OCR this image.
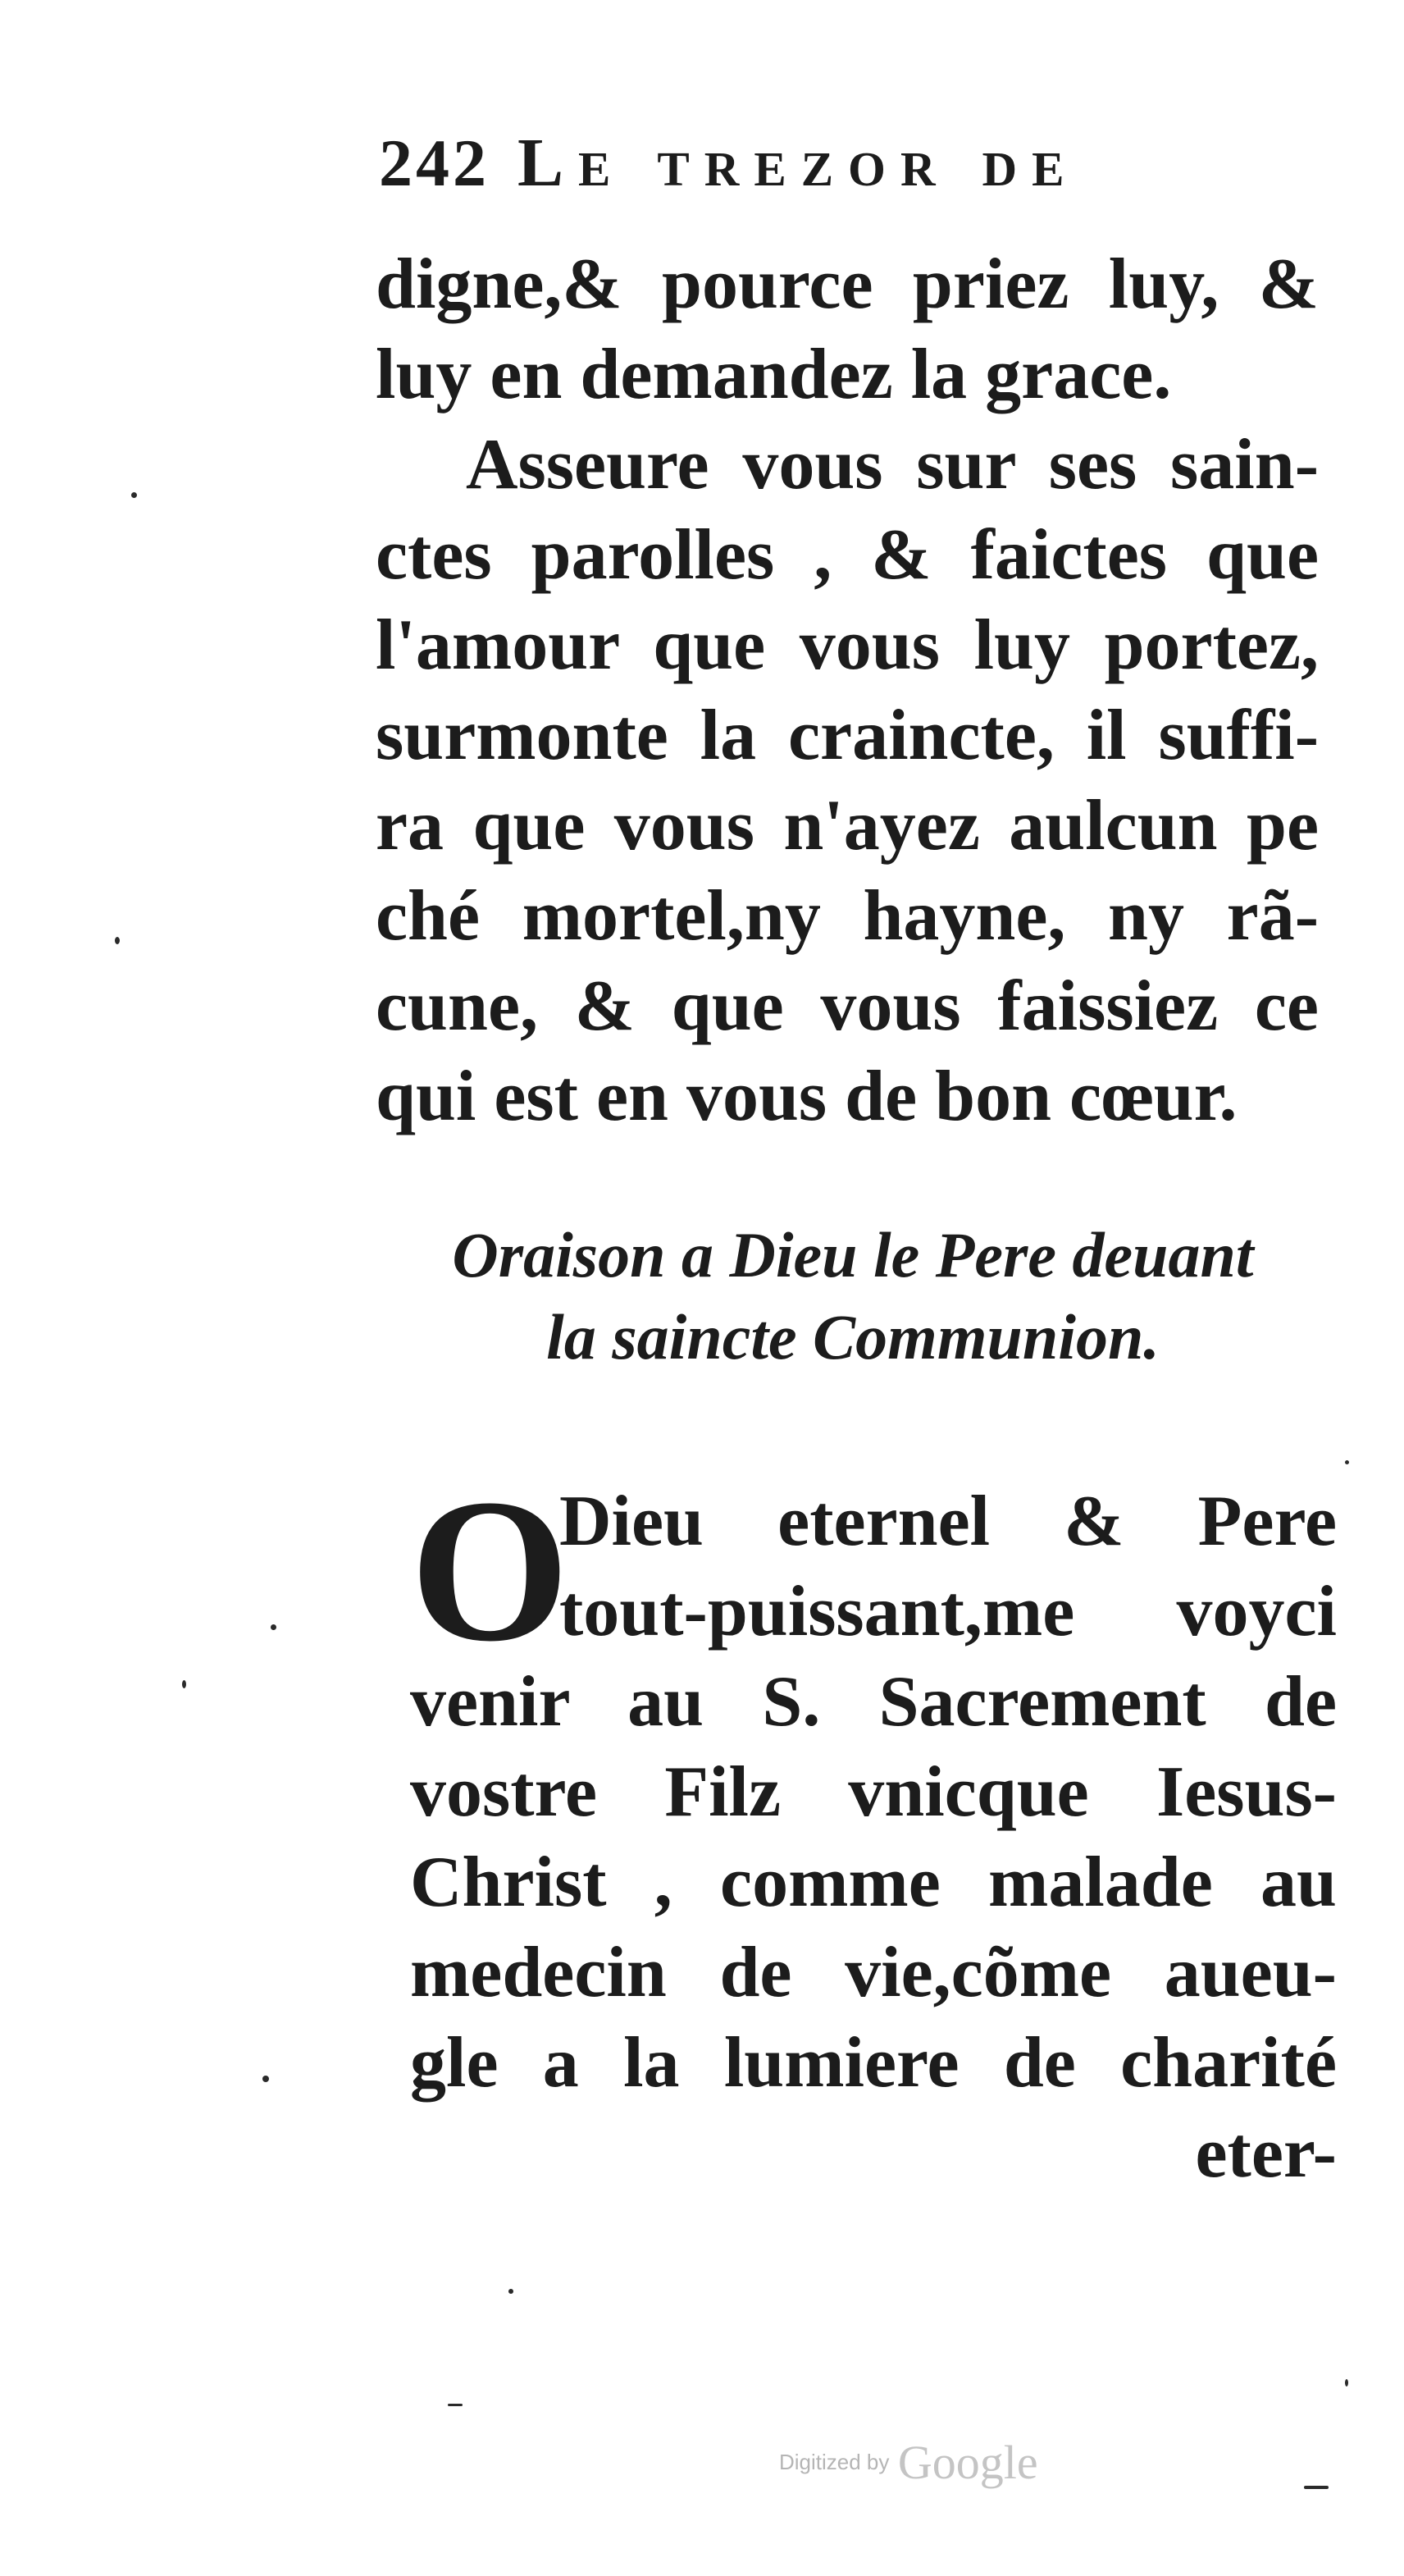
242 Le trezor de
digne,& pource priez luy, &
luy en demandez la grace.
Asseure vous sur ses sain-
ctes parolles , & faictes que
l'amour que vous luy portez,
surmonte la craincte, il suffi-
ra que vous n'ayez aulcun pe
ché mortel,ny hayne, ny rã-
cune, & que vous faissiez ce
qui est en vous de bon cœur.
Oraison a Dieu le Pere deuant
la saincte Communion.
O
Dieu eternel & Pere
tout-puissant,me voyci
venir au S. Sacrement de
vostre Filz vnicque Iesus-
Christ , comme malade au
medecin de vie,cõme aueu-
gle a la lumiere de charité
eter-
Digitized by Google
